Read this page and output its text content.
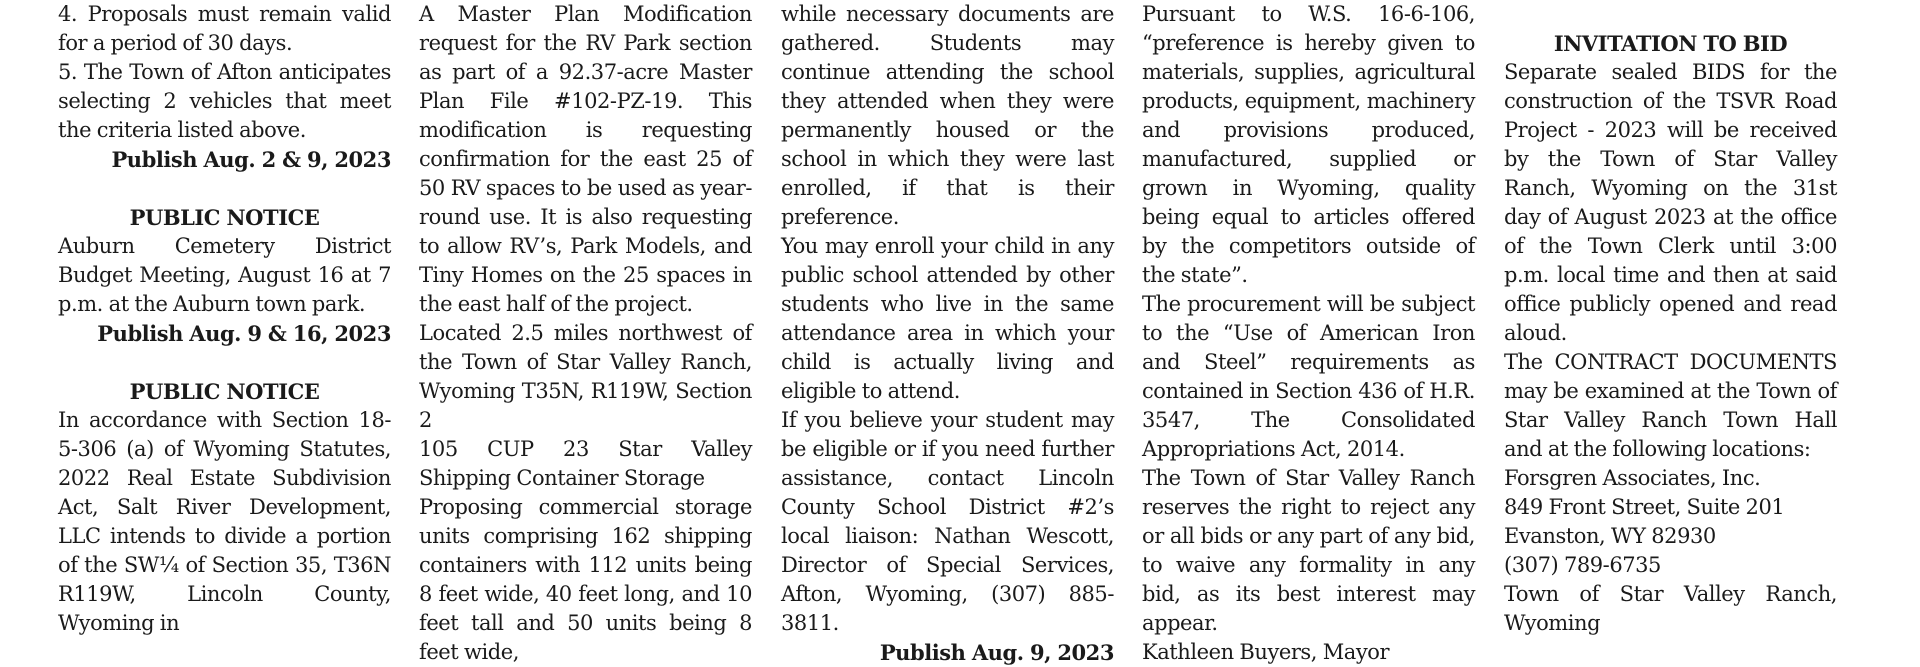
4. Proposals must remain valid for a period of 30 days.
5. The Town of Afton anticipates selecting 2 vehicles that meet the criteria listed above.
Publish Aug. 2 & 9, 2023
PUBLIC NOTICE
Auburn Cemetery District Budget Meeting, August 16 at 7 p.m. at the Auburn town park.
Publish Aug. 9 & 16, 2023
PUBLIC NOTICE
In accordance with Section 18-5-306 (a) of Wyoming Statutes, 2022 Real Estate Subdivision Act, Salt River Development, LLC intends to divide a portion of the SW¼ of Section 35, T36N R119W, Lincoln County, Wyoming in
A Master Plan Modification request for the RV Park section as part of a 92.37-acre Master Plan File #102-PZ-19. This modification is requesting confirmation for the east 25 of 50 RV spaces to be used as year-round use. It is also requesting to allow RV’s, Park Models, and Tiny Homes on the 25 spaces in the east half of the project.
Located 2.5 miles northwest of the Town of Star Valley Ranch, Wyoming T35N, R119W, Section 2
105 CUP 23 Star Valley Shipping Container Storage
Proposing commercial storage units comprising 162 shipping containers with 112 units being 8 feet wide, 40 feet long, and 10 feet tall and 50 units being 8 feet wide,
while necessary documents are gathered. Students may continue attending the school they attended when they were permanently housed or the school in which they were last enrolled, if that is their preference.
You may enroll your child in any public school attended by other students who live in the same attendance area in which your child is actually living and eligible to attend.
If you believe your student may be eligible or if you need further assistance, contact Lincoln County School District #2’s local liaison: Nathan Wescott, Director of Special Services, Afton, Wyoming, (307) 885-3811.
Publish Aug. 9, 2023
Pursuant to W.S. 16-6-106, “preference is hereby given to materials, supplies, agricultural products, equipment, machinery and provisions produced, manufactured, supplied or grown in Wyoming, quality being equal to articles offered by the competitors outside of the state”.
The procurement will be subject to the “Use of American Iron and Steel” requirements as contained in Section 436 of H.R. 3547, The Consolidated Appropriations Act, 2014.
The Town of Star Valley Ranch reserves the right to reject any or all bids or any part of any bid, to waive any formality in any bid, as its best interest may appear.
Kathleen Buyers, Mayor
INVITATION TO BID
Separate sealed BIDS for the construction of the TSVR Road Project - 2023 will be received by the Town of Star Valley Ranch, Wyoming on the 31st day of August 2023 at the office of the Town Clerk until 3:00 p.m. local time and then at said office publicly opened and read aloud.
The CONTRACT DOCUMENTS may be examined at the Town of Star Valley Ranch Town Hall and at the following locations:
Forsgren Associates, Inc.
849 Front Street, Suite 201
Evanston, WY 82930
(307) 789-6735
Town of Star Valley Ranch, Wyoming
